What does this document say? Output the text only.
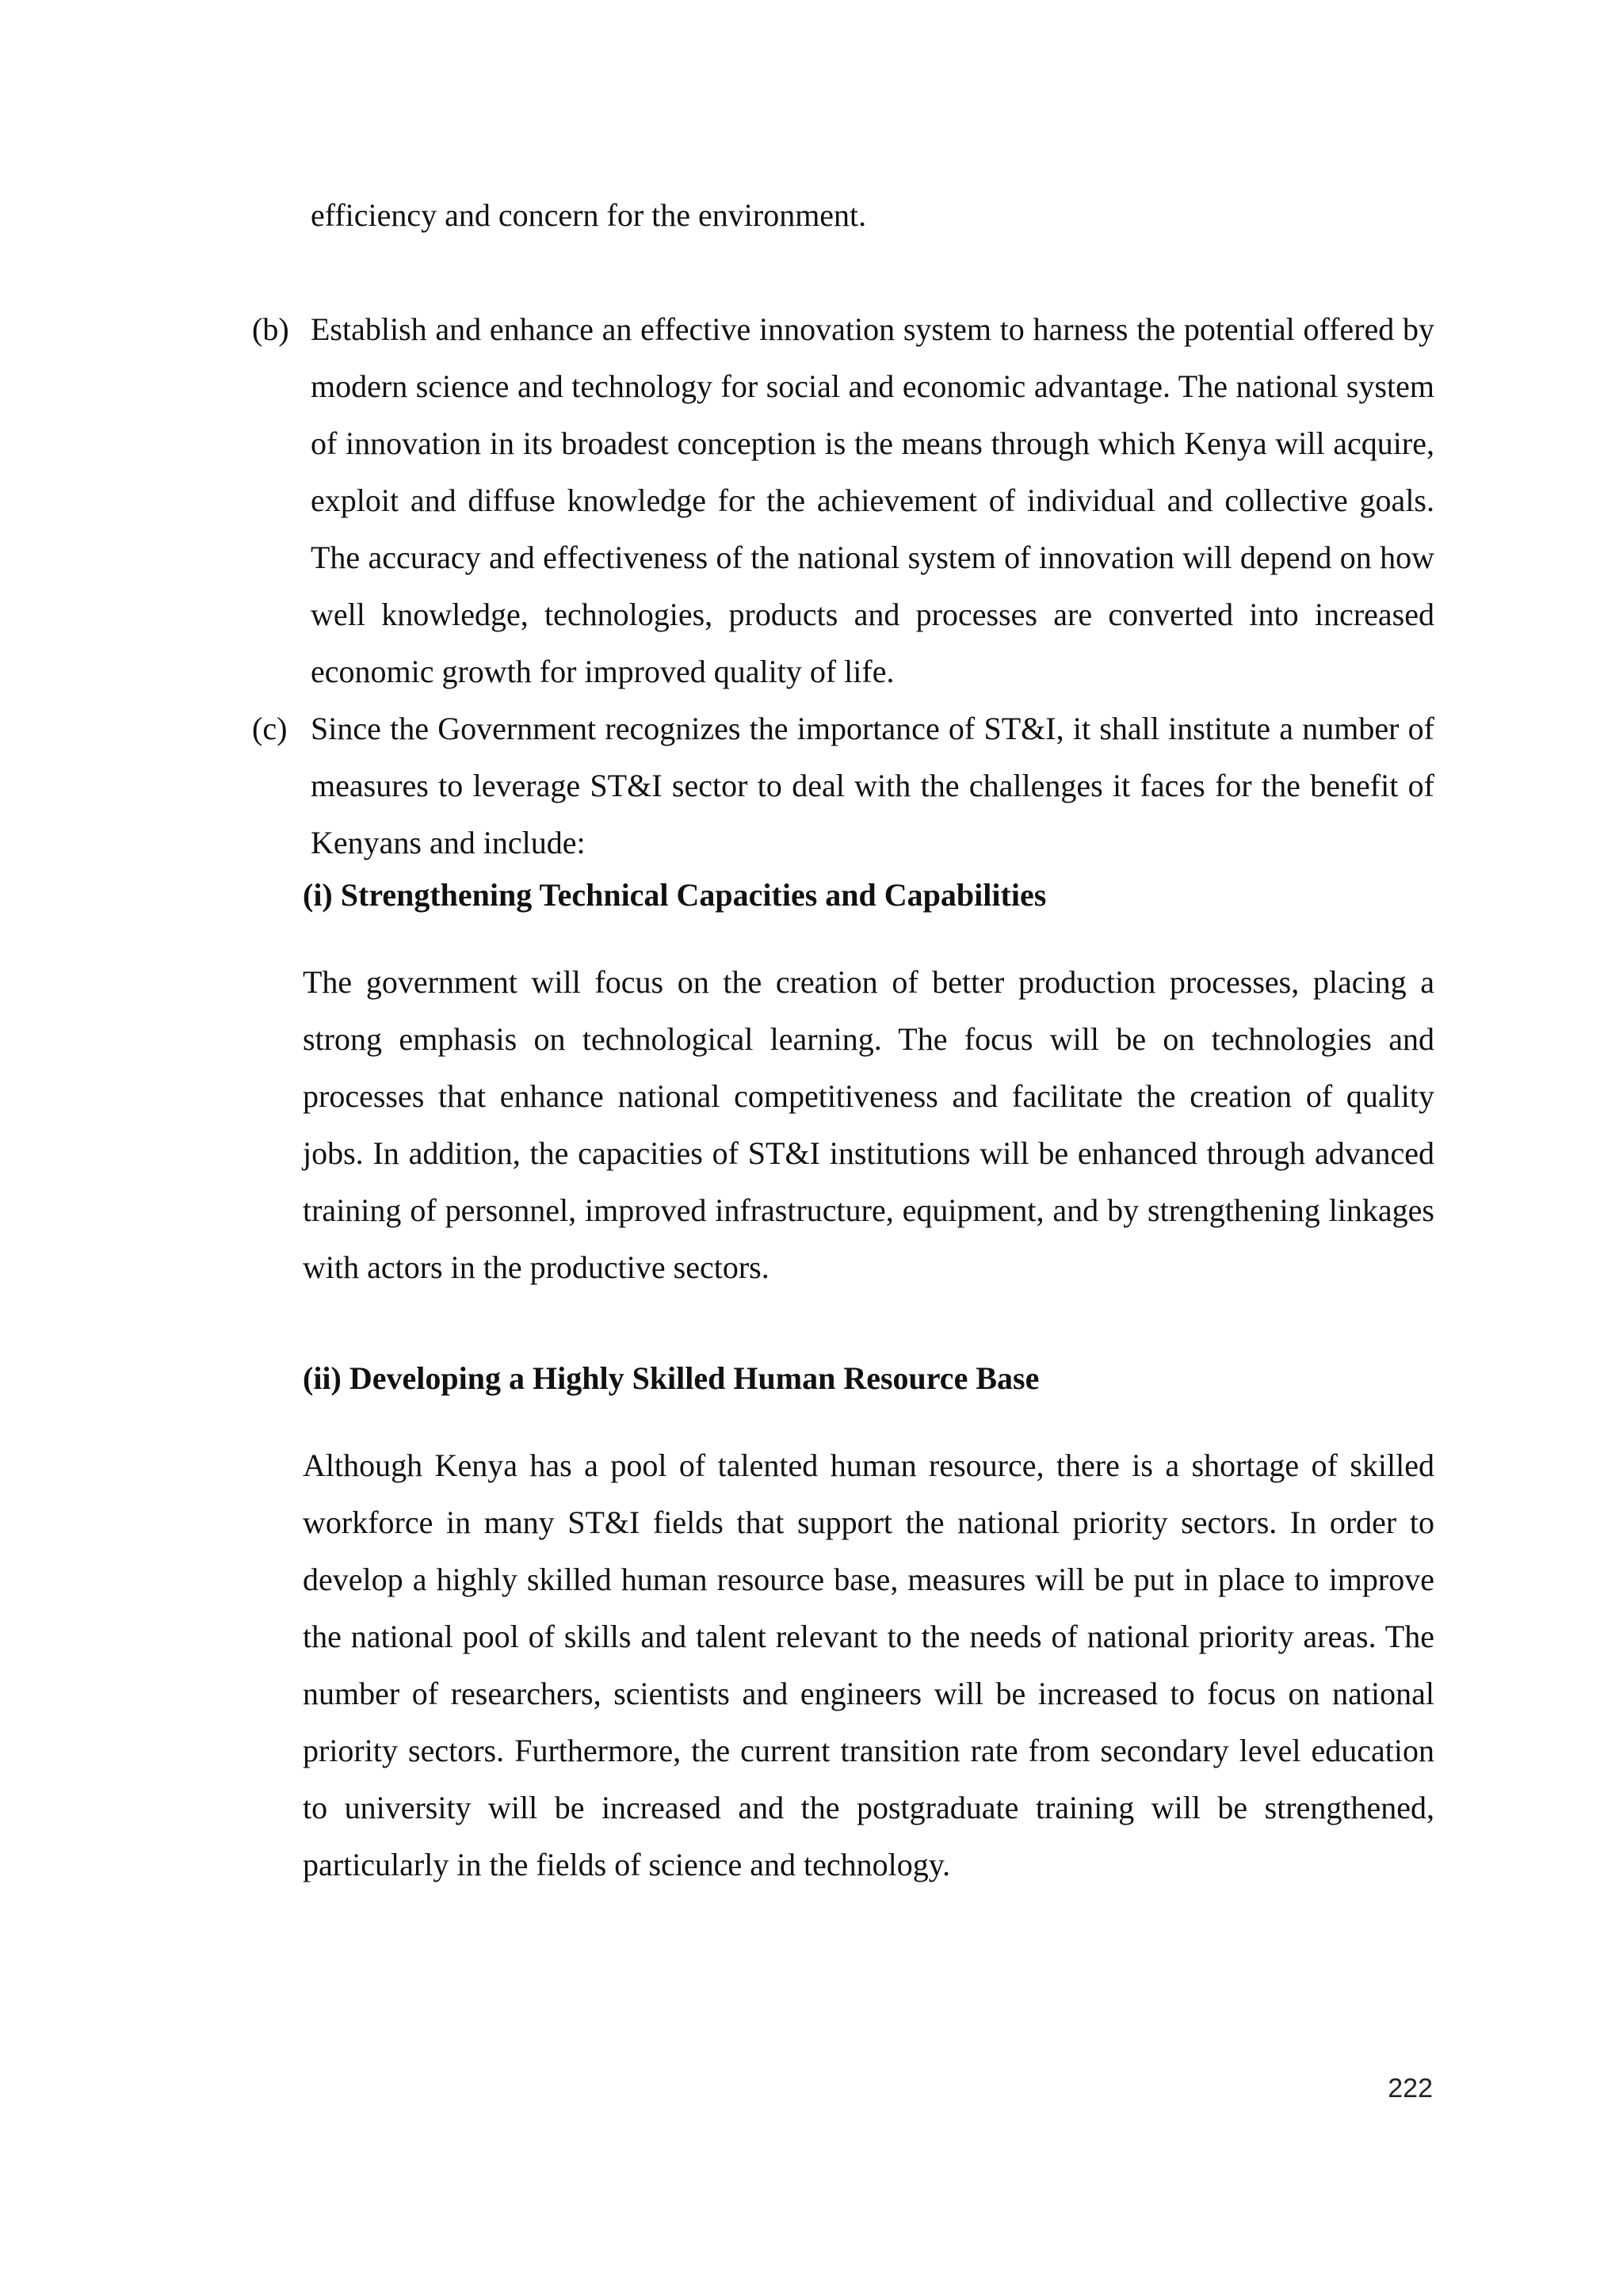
efficiency and concern for the environment.

(b) Establish and enhance an effective innovation system to harness the potential offered by modern science and technology for social and economic advantage. The national system of innovation in its broadest conception is the means through which Kenya will acquire, exploit and diffuse knowledge for the achievement of individual and collective goals. The accuracy and effectiveness of the national system of innovation will depend on how well knowledge, technologies, products and processes are converted into increased economic growth for improved quality of life.

(c) Since the Government recognizes the importance of ST&I, it shall institute a number of measures to leverage ST&I sector to deal with the challenges it faces for the benefit of Kenyans and include:

(i) Strengthening Technical Capacities and Capabilities

The government will focus on the creation of better production processes, placing a strong emphasis on technological learning. The focus will be on technologies and processes that enhance national competitiveness and facilitate the creation of quality jobs. In addition, the capacities of ST&I institutions will be enhanced through advanced training of personnel, improved infrastructure, equipment, and by strengthening linkages with actors in the productive sectors.

(ii) Developing a Highly Skilled Human Resource Base

Although Kenya has a pool of talented human resource, there is a shortage of skilled workforce in many ST&I fields that support the national priority sectors. In order to develop a highly skilled human resource base, measures will be put in place to improve the national pool of skills and talent relevant to the needs of national priority areas. The number of researchers, scientists and engineers will be increased to focus on national priority sectors. Furthermore, the current transition rate from secondary level education to university will be increased and the postgraduate training will be strengthened, particularly in the fields of science and technology.

222
